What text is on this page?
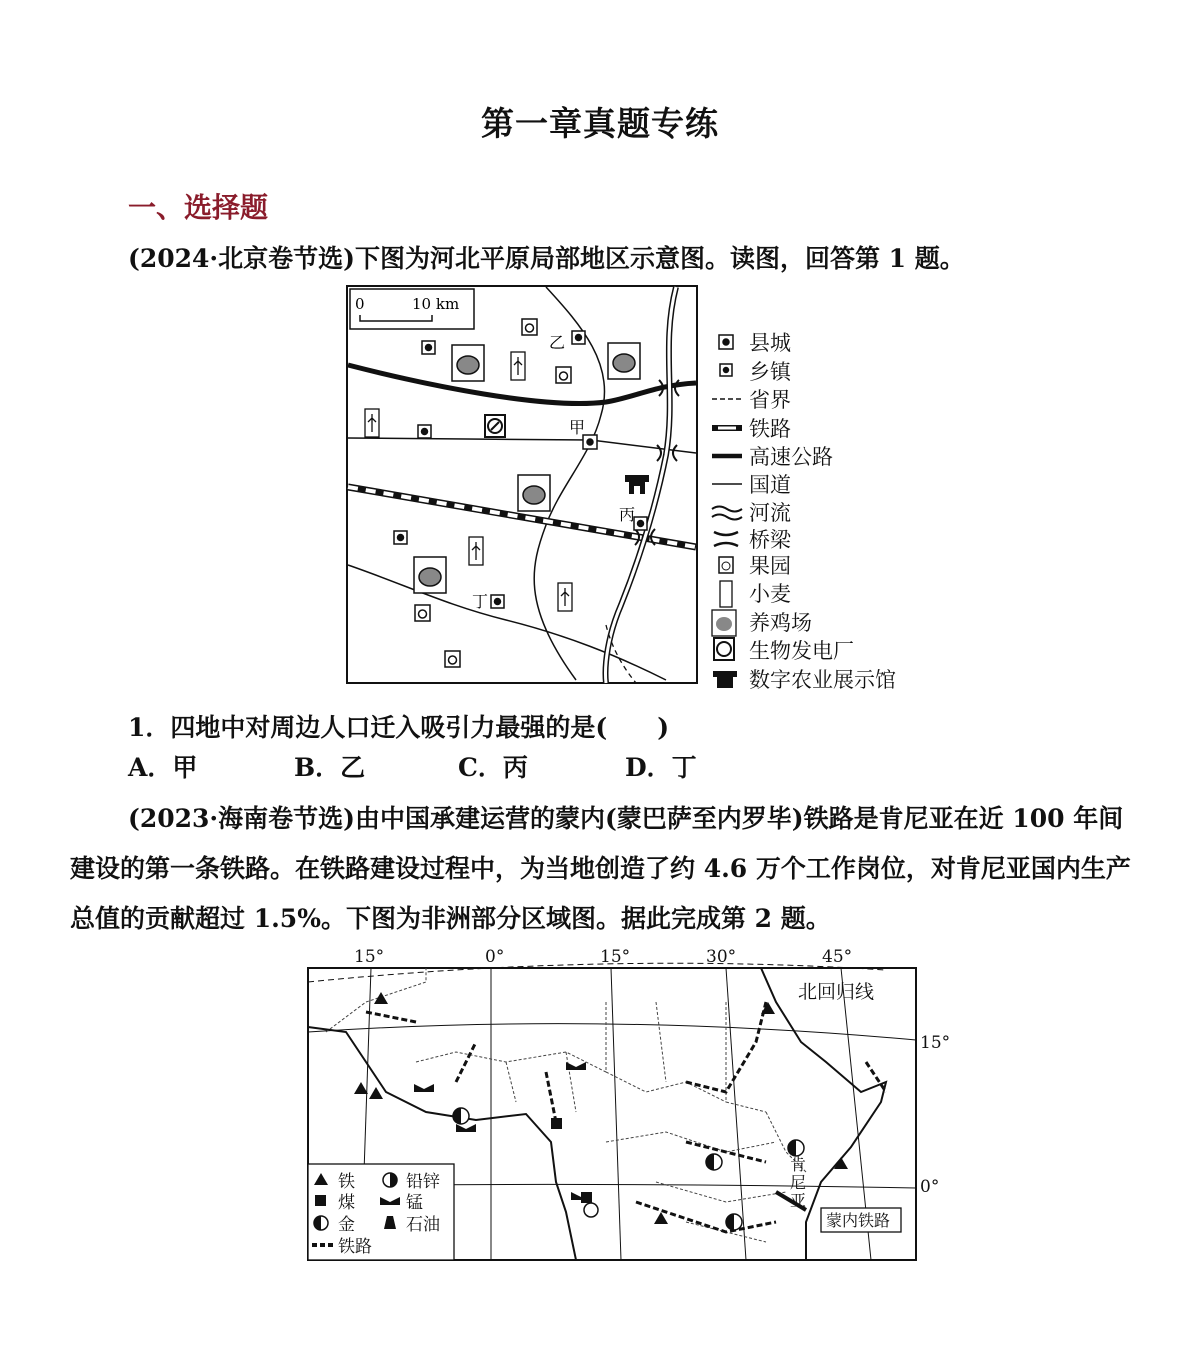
第一章真题专练
一、选择题
(2024·北京卷节选)下图为河北平原局部地区示意图。读图，回答第 1 题。
0	10 km
甲
乙
丙
丁
县城
乡镇
省界
铁路
高速公路
国道
河流
桥梁
果园
小麦
养鸡场
生物发电厂
数字农业展示馆
1．四地中对周边人口迁入吸引力最强的是(　　)
A．甲	B．乙	C．丙	D．丁
(2023·海南卷节选)由中国承建运营的蒙内(蒙巴萨至内罗毕)铁路是肯尼亚在近 100 年间建设的第一条铁路。在铁路建设过程中，为当地创造了约 4.6 万个工作岗位，对肯尼亚国内生产总值的贡献超过 1.5%。下图为非洲部分区域图。据此完成第 2 题。
15°	0°	15°	30°	45°
15°
0°
北回归线
肯
尼
亚
蒙内铁路
铁	铅锌
煤	锰
金	石油
铁路
